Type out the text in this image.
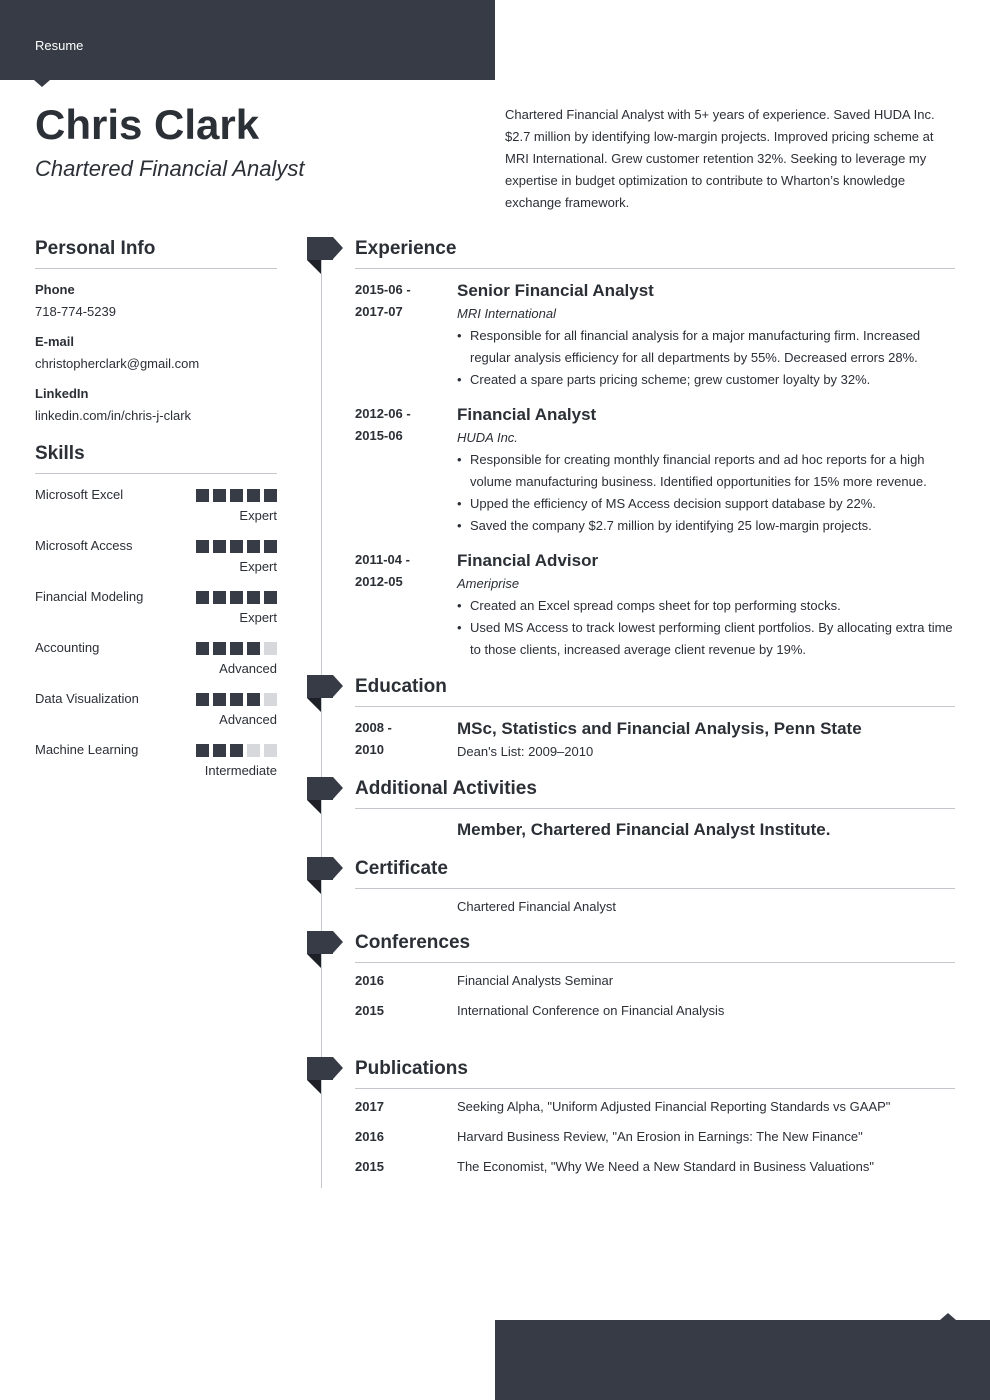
Resume
Chris Clark
Chartered Financial Analyst

Chartered Financial Analyst with 5+ years of experience. Saved HUDA Inc. $2.7 million by identifying low-margin projects. Improved pricing scheme at MRI International. Grew customer retention 32%. Seeking to leverage my expertise in budget optimization to contribute to Wharton’s knowledge exchange framework.

Personal Info
Phone
718-774-5239
E-mail
christopherclark@gmail.com
LinkedIn
linkedin.com/in/chris-j-clark
Skills
Microsoft Excel
Expert
Microsoft Access
Expert
Financial Modeling
Expert
Accounting
Advanced
Data Visualization
Advanced
Machine Learning
Intermediate
Experience
2015-06 -
2017-07
Senior Financial Analyst
MRI International
• Responsible for all financial analysis for a major manufacturing firm. Increased regular analysis efficiency for all departments by 55%. Decreased errors 28%.
• Created a spare parts pricing scheme; grew customer loyalty by 32%.
2012-06 -
2015-06
Financial Analyst
HUDA Inc.
• Responsible for creating monthly financial reports and ad hoc reports for a high volume manufacturing business. Identified opportunities for 15% more revenue.
• Upped the efficiency of MS Access decision support database by 22%.
• Saved the company $2.7 million by identifying 25 low-margin projects.
2011-04 -
2012-05
Financial Advisor
Ameriprise
• Created an Excel spread comps sheet for top performing stocks.
• Used MS Access to track lowest performing client portfolios. By allocating extra time to those clients, increased average client revenue by 19%.
Education
2008 -
2010
MSc, Statistics and Financial Analysis, Penn State
Dean's List: 2009–2010
Additional Activities
Member, Chartered Financial Analyst Institute.
Certificate
Chartered Financial Analyst
Conferences
2016	Financial Analysts Seminar
2015	International Conference on Financial Analysis
Publications
2017	Seeking Alpha, "Uniform Adjusted Financial Reporting Standards vs GAAP"
2016	Harvard Business Review, "An Erosion in Earnings: The New Finance"
2015	The Economist, "Why We Need a New Standard in Business Valuations"
